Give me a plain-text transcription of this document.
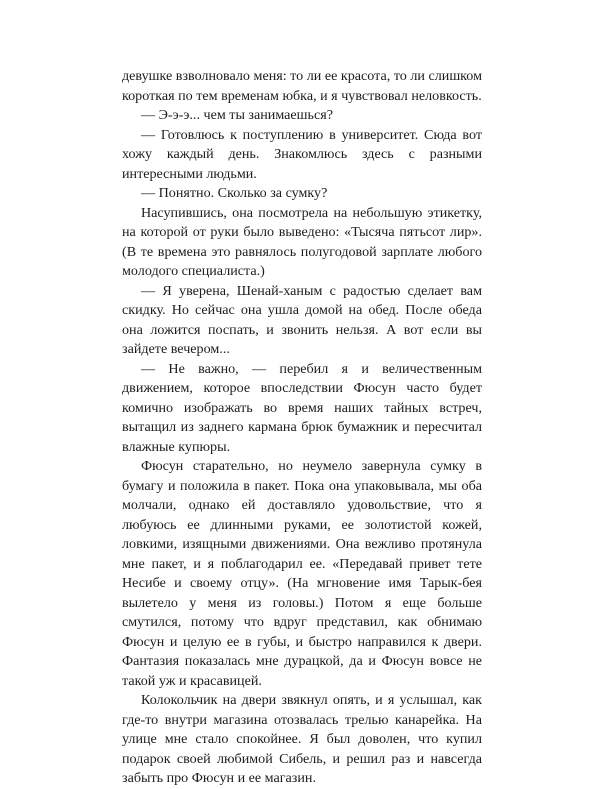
девушке взволновало меня: то ли ее красота, то ли слишком короткая по тем временам юбка, и я чувствовал неловкость.

— Э-э-э... чем ты занимаешься?

— Готовлюсь к поступлению в университет. Сюда вот хожу каждый день. Знакомлюсь здесь с разными интересными людьми.

— Понятно. Сколько за сумку?

Насупившись, она посмотрела на небольшую этикетку, на которой от руки было выведено: «Тысяча пятьсот лир». (В те времена это равнялось полугодовой зарплате любого молодого специалиста.)

— Я уверена, Шенай-ханым с радостью сделает вам скидку. Но сейчас она ушла домой на обед. После обеда она ложится поспать, и звонить нельзя. А вот если вы зайдете вечером...

— Не важно, — перебил я и величественным движением, которое впоследствии Фюсун часто будет комично изображать во время наших тайных встреч, вытащил из заднего кармана брюк бумажник и пересчитал влажные купюры.

Фюсун старательно, но неумело завернула сумку в бумагу и положила в пакет. Пока она упаковывала, мы оба молчали, однако ей доставляло удовольствие, что я любуюсь ее длинными руками, ее золотистой кожей, ловкими, изящными движениями. Она вежливо протянула мне пакет, и я поблагодарил ее. «Передавай привет тете Несибе и своему отцу». (На мгновение имя Тарык-бея вылетело у меня из головы.) Потом я еще больше смутился, потому что вдруг представил, как обнимаю Фюсун и целую ее в губы, и быстро направился к двери. Фантазия показалась мне дурацкой, да и Фюсун вовсе не такой уж и красавицей.

Колокольчик на двери звякнул опять, и я услышал, как где-то внутри магазина отозвалась трелью канарейка. На улице мне стало спокойнее. Я был доволен, что купил подарок своей любимой Сибель, и решил раз и навсегда забыть про Фюсун и ее магазин.
